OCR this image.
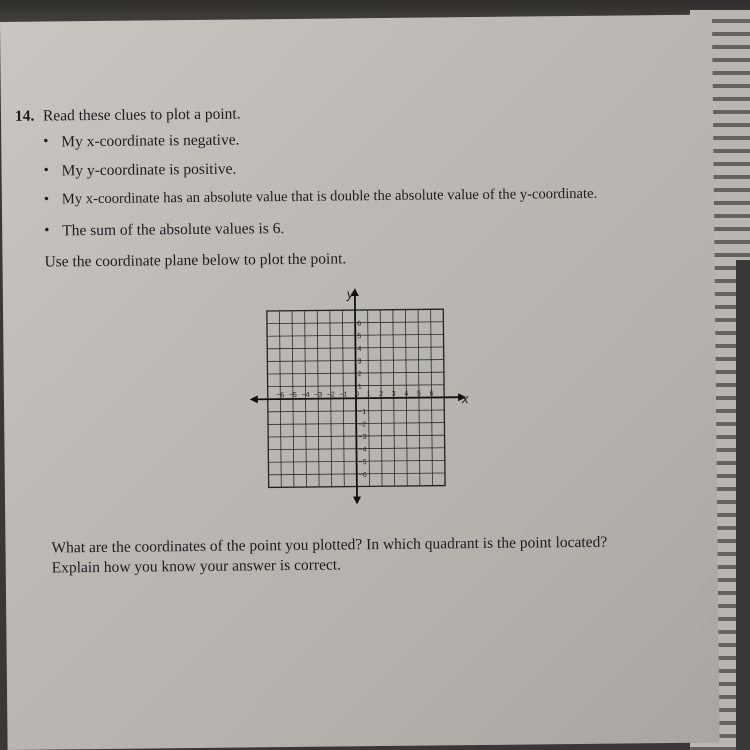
14. Read these clues to plot a point.
• My x-coordinate is negative.
• My y-coordinate is positive.
• My x-coordinate has an absolute value that is double the absolute value of the y-coordinate.
• The sum of the absolute values is 6.
Use the coordinate plane below to plot the point.
−6 −5 −4 −3 −2 −1 0 1 2 3 4 5 6
6
5
4
3
2
1
−1
−2
−3
−4
−5
−6
y
x
What are the coordinates of the point you plotted? In which quadrant is the point located?
Explain how you know your answer is correct.
